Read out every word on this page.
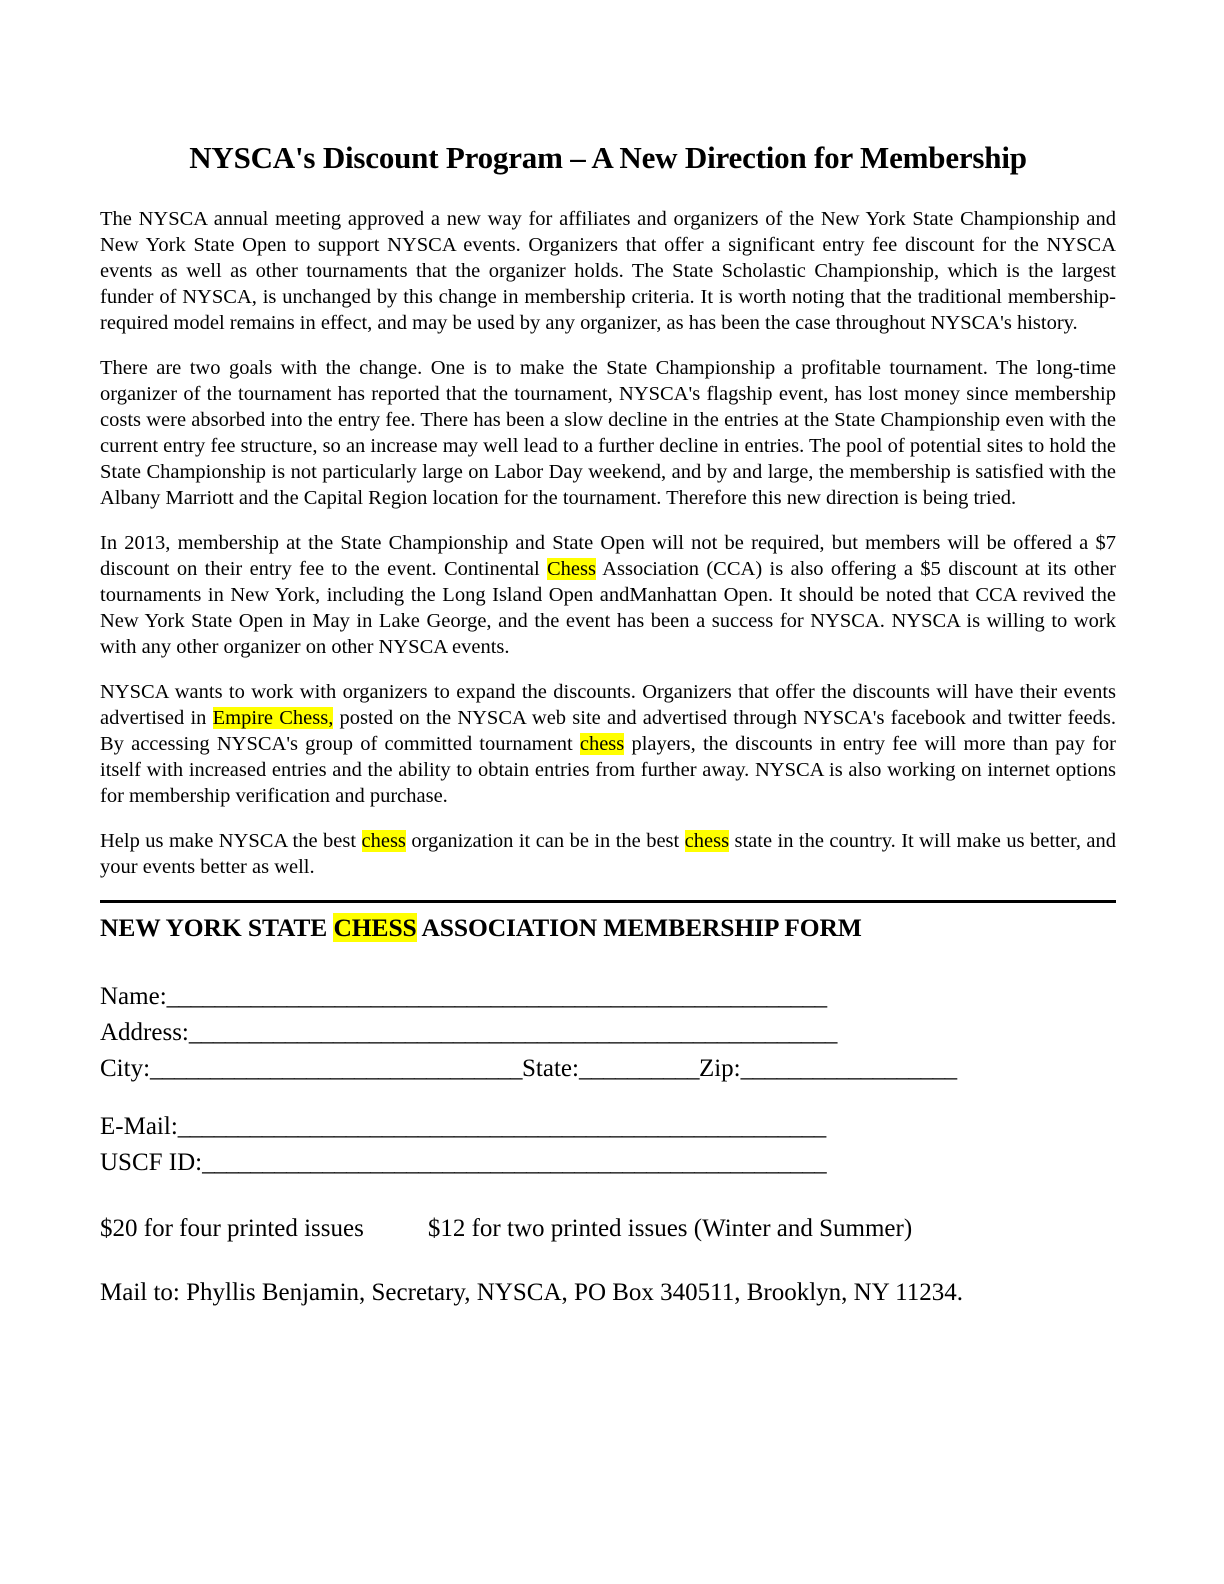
NYSCA's Discount Program – A New Direction for Membership

The NYSCA annual meeting approved a new way for affiliates and organizers of the New York State Championship and New York State Open to support NYSCA events. Organizers that offer a significant entry fee discount for the NYSCA events as well as other tournaments that the organizer holds. The State Scholastic Championship, which is the largest funder of NYSCA, is unchanged by this change in membership criteria. It is worth noting that the traditional membership-required model remains in effect, and may be used by any organizer, as has been the case throughout NYSCA's history.

There are two goals with the change. One is to make the State Championship a profitable tournament. The long-time organizer of the tournament has reported that the tournament, NYSCA's flagship event, has lost money since membership costs were absorbed into the entry fee. There has been a slow decline in the entries at the State Championship even with the current entry fee structure, so an increase may well lead to a further decline in entries. The pool of potential sites to hold the State Championship is not particularly large on Labor Day weekend, and by and large, the membership is satisfied with the Albany Marriott and the Capital Region location for the tournament. Therefore this new direction is being tried.

In 2013, membership at the State Championship and State Open will not be required, but members will be offered a $7 discount on their entry fee to the event. Continental Chess Association (CCA) is also offering a $5 discount at its other tournaments in New York, including the Long Island Open andManhattan Open. It should be noted that CCA revived the New York State Open in May in Lake George, and the event has been a success for NYSCA. NYSCA is willing to work with any other organizer on other NYSCA events.

NYSCA wants to work with organizers to expand the discounts. Organizers that offer the discounts will have their events advertised in Empire Chess, posted on the NYSCA web site and advertised through NYSCA's facebook and twitter feeds. By accessing NYSCA's group of committed tournament chess players, the discounts in entry fee will more than pay for itself with increased entries and the ability to obtain entries from further away. NYSCA is also working on internet options for membership verification and purchase.

Help us make NYSCA the best chess organization it can be in the best chess state in the country. It will make us better, and your events better as well.

NEW YORK STATE CHESS ASSOCIATION MEMBERSHIP FORM
Name:_______________________________________________________
Address:______________________________________________________
City:_______________________________State:__________Zip:__________________
E-Mail:______________________________________________________
USCF ID:____________________________________________________
$20 for four printed issues	$12 for two printed issues (Winter and Summer)
Mail to: Phyllis Benjamin, Secretary, NYSCA, PO Box 340511, Brooklyn, NY 11234.
